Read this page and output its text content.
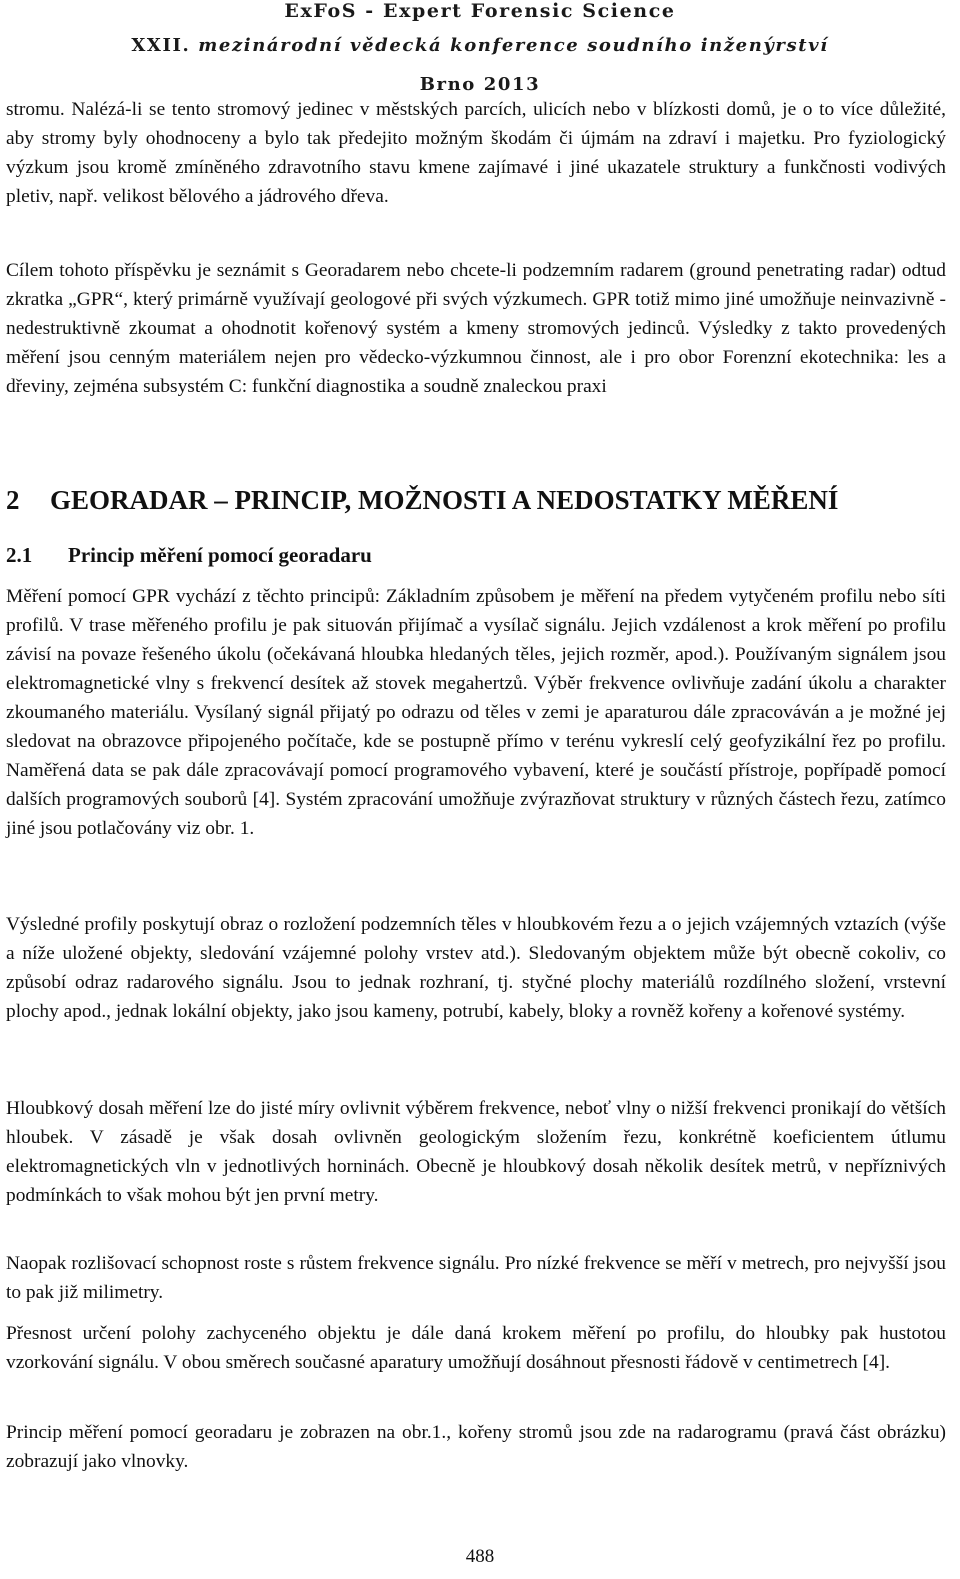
ExFoS - Expert Forensic Science
XXII. mezinárodní vědecká konference soudního inženýrství
Brno 2013

stromu. Nalézá-li se tento stromový jedinec v městských parcích, ulicích nebo v blízkosti domů, je o to více důležité, aby stromy byly ohodnoceny a bylo tak předejito možným škodám či újmám na zdraví i majetku. Pro fyziologický výzkum jsou kromě zmíněného zdravotního stavu kmene zajímavé i jiné ukazatele struktury a funkčnosti vodivých pletiv, např. velikost bělového a jádrového dřeva.

Cílem tohoto příspěvku je seznámit s Georadarem nebo chcete-li podzemním radarem (ground penetrating radar) odtud zkratka „GPR“, který primárně využívají geologové při svých výzkumech. GPR totiž mimo jiné umožňuje neinvazivně - nedestruktivně zkoumat a ohodnotit kořenový systém a kmeny stromových jedinců. Výsledky z takto provedených měření jsou cenným materiálem nejen pro vědecko-výzkumnou činnost, ale i pro obor Forenzní ekotechnika: les a dřeviny, zejména subsystém C: funkční diagnostika a soudně znaleckou praxi

2 GEORADAR – PRINCIP, MOŽNOSTI A NEDOSTATKY MĚŘENÍ
2.1 Princip měření pomocí georadaru

Měření pomocí GPR vychází z těchto principů: Základním způsobem je měření na předem vytyčeném profilu nebo síti profilů. V trase měřeného profilu je pak situován přijímač a vysílač signálu. Jejich vzdálenost a krok měření po profilu závisí na povaze řešeného úkolu (očekávaná hloubka hledaných těles, jejich rozměr, apod.). Používaným signálem jsou elektromagnetické vlny s frekvencí desítek až stovek megahertzů. Výběr frekvence ovlivňuje zadání úkolu a charakter zkoumaného materiálu. Vysílaný signál přijatý po odrazu od těles v zemi je aparaturou dále zpracováván a je možné jej sledovat na obrazovce připojeného počítače, kde se postupně přímo v terénu vykreslí celý geofyzikální řez po profilu. Naměřená data se pak dále zpracovávají pomocí programového vybavení, které je součástí přístroje, popřípadě pomocí dalších programových souborů [4]. Systém zpracování umožňuje zvýrazňovat struktury v různých částech řezu, zatímco jiné jsou potlačovány viz obr. 1.

Výsledné profily poskytují obraz o rozložení podzemních těles v hloubkovém řezu a o jejich vzájemných vztazích (výše a níže uložené objekty, sledování vzájemné polohy vrstev atd.). Sledovaným objektem může být obecně cokoliv, co způsobí odraz radarového signálu. Jsou to jednak rozhraní, tj. styčné plochy materiálů rozdílného složení, vrstevní plochy apod., jednak lokální objekty, jako jsou kameny, potrubí, kabely, bloky a rovněž kořeny a kořenové systémy.

Hloubkový dosah měření lze do jisté míry ovlivnit výběrem frekvence, neboť vlny o nižší frekvenci pronikají do větších hloubek. V zásadě je však dosah ovlivněn geologickým složením řezu, konkrétně koeficientem útlumu elektromagnetických vln v jednotlivých horninách. Obecně je hloubkový dosah několik desítek metrů, v nepříznivých podmínkách to však mohou být jen první metry.

Naopak rozlišovací schopnost roste s růstem frekvence signálu. Pro nízké frekvence se měří v metrech, pro nejvyšší jsou to pak již milimetry.

Přesnost určení polohy zachyceného objektu je dále daná krokem měření po profilu, do hloubky pak hustotou vzorkování signálu. V obou směrech současné aparatury umožňují dosáhnout přesnosti řádově v centimetrech [4].

Princip měření pomocí georadaru je zobrazen na obr.1., kořeny stromů jsou zde na radarogramu (pravá část obrázku) zobrazují jako vlnovky.

488
